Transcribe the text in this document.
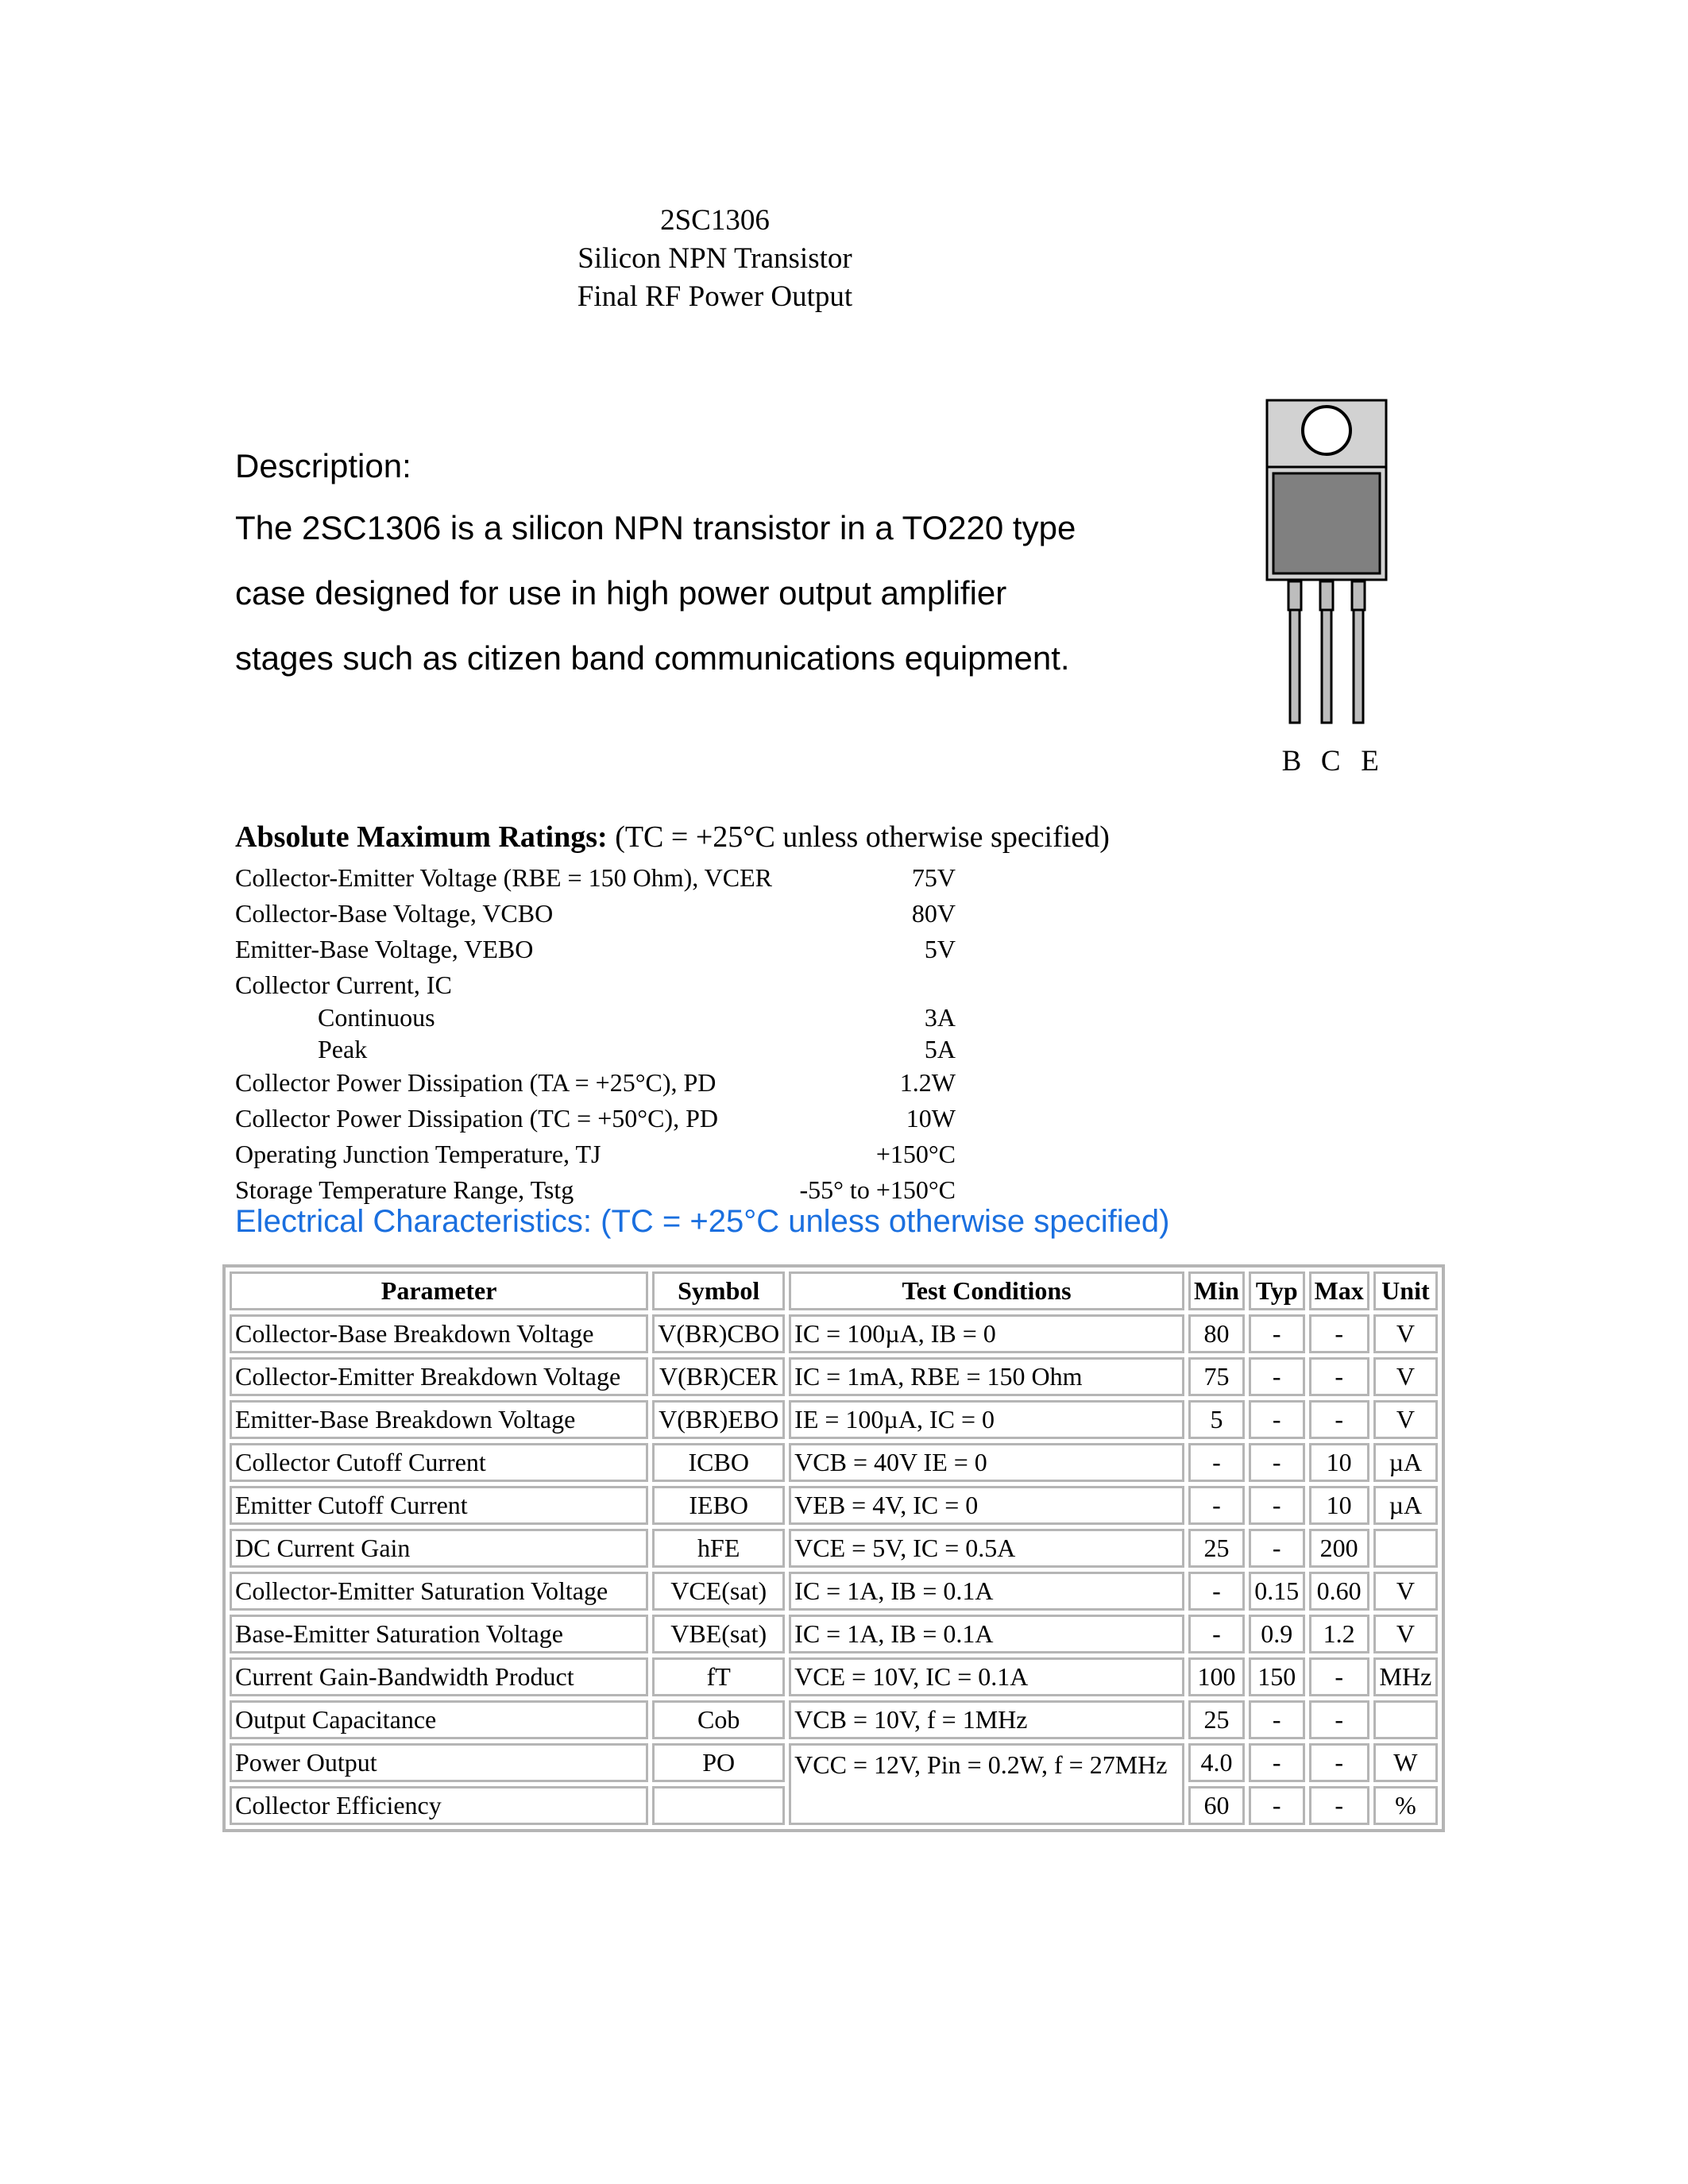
2SC1306
Silicon NPN Transistor
Final RF Power Output
Description:
The 2SC1306 is a silicon NPN transistor in a TO220 type
case designed for use in high power output amplifier
stages such as citizen band communications equipment.
B C E
Absolute Maximum Ratings: (TC = +25°C unless otherwise specified)
Collector-Emitter Voltage (RBE = 150 Ohm), VCER	75V
Collector-Base Voltage, VCBO	80V
Emitter-Base Voltage, VEBO	5V
Collector Current, IC
Continuous	3A
Peak	5A
Collector Power Dissipation (TA = +25°C), PD	1.2W
Collector Power Dissipation (TC = +50°C), PD	10W
Operating Junction Temperature, TJ	+150°C
Storage Temperature Range, Tstg	-55° to +150°C
Electrical Characteristics: (TC = +25°C unless otherwise specified)
Parameter	Symbol	Test Conditions	Min	Typ	Max	Unit
Collector-Base Breakdown Voltage	V(BR)CBO	IC = 100µA, IB = 0	80	-	-	V
Collector-Emitter Breakdown Voltage	V(BR)CER	IC = 1mA, RBE = 150 Ohm	75	-	-	V
Emitter-Base Breakdown Voltage	V(BR)EBO	IE = 100µA, IC = 0	5	-	-	V
Collector Cutoff Current	ICBO	VCB = 40V IE = 0	-	-	10	µA
Emitter Cutoff Current	IEBO	VEB = 4V, IC = 0	-	-	10	µA
DC Current Gain	hFE	VCE = 5V, IC = 0.5A	25	-	200	
Collector-Emitter Saturation Voltage	VCE(sat)	IC = 1A, IB = 0.1A	-	0.15	0.60	V
Base-Emitter Saturation Voltage	VBE(sat)	IC = 1A, IB = 0.1A	-	0.9	1.2	V
Current Gain-Bandwidth Product	fT	VCE = 10V, IC = 0.1A	100	150	-	MHz
Output Capacitance	Cob	VCB = 10V, f = 1MHz	25	-	-	
Power Output	PO	VCC = 12V, Pin = 0.2W, f = 27MHz	4.0	-	-	W
Collector Efficiency			60	-	-	%
